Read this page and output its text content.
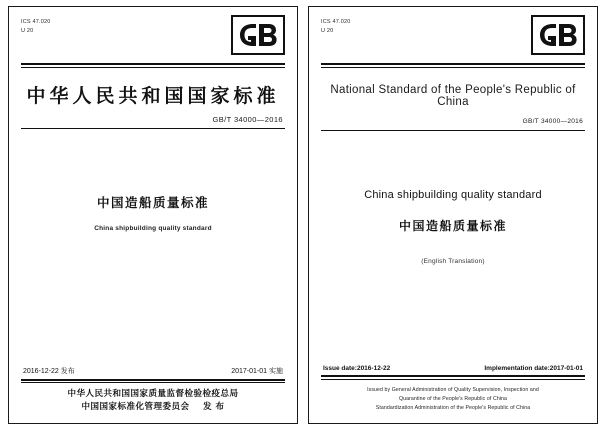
ICS 47.020
U 20
中华人民共和国国家标准
GB/T 34000—2016
中国造船质量标准
China shipbuilding quality standard
2016-12-22 发布	2017-01-01 实施
中华人民共和国国家质量监督检验检疫总局
中国国家标准化管理委员会 发 布
ICS 47.020
U 20
National Standard of the People's Republic of China
GB/T 34000—2016
China shipbuilding quality standard
中国造船质量标准
(English Translation)
Issue date:2016-12-22	Implementation date:2017-01-01
Issued by General Administration of Quality Supervision, Inspection and
Quarantine of the People's Republic of China
Standardization Administration of the People's Republic of China
